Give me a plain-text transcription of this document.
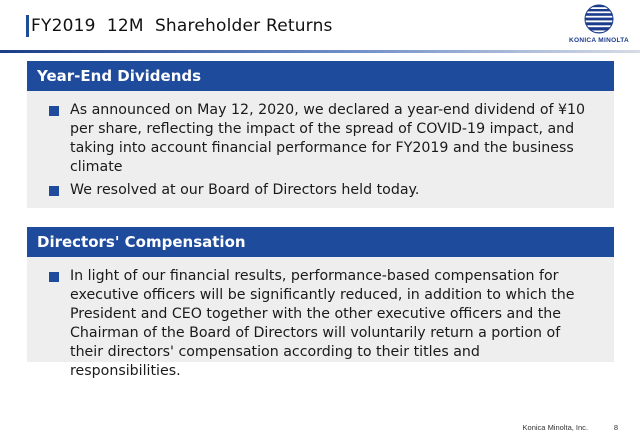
FY2019  12M  Shareholder Returns
KONICA MINOLTA
Year-End Dividends
As announced on May 12, 2020, we declared a year-end dividend of ¥10 per share, reflecting the impact of the spread of COVID-19 impact, and taking into account financial performance for FY2019 and the business climate
We resolved at our Board of Directors held today.
Directors' Compensation
In light of our financial results, performance-based compensation for executive officers will be significantly reduced, in addition to which the President and CEO together with the other executive officers and the Chairman of the Board of Directors will voluntarily return a portion of their directors' compensation according to their titles and responsibilities.
Konica Minolta, Inc.	8
